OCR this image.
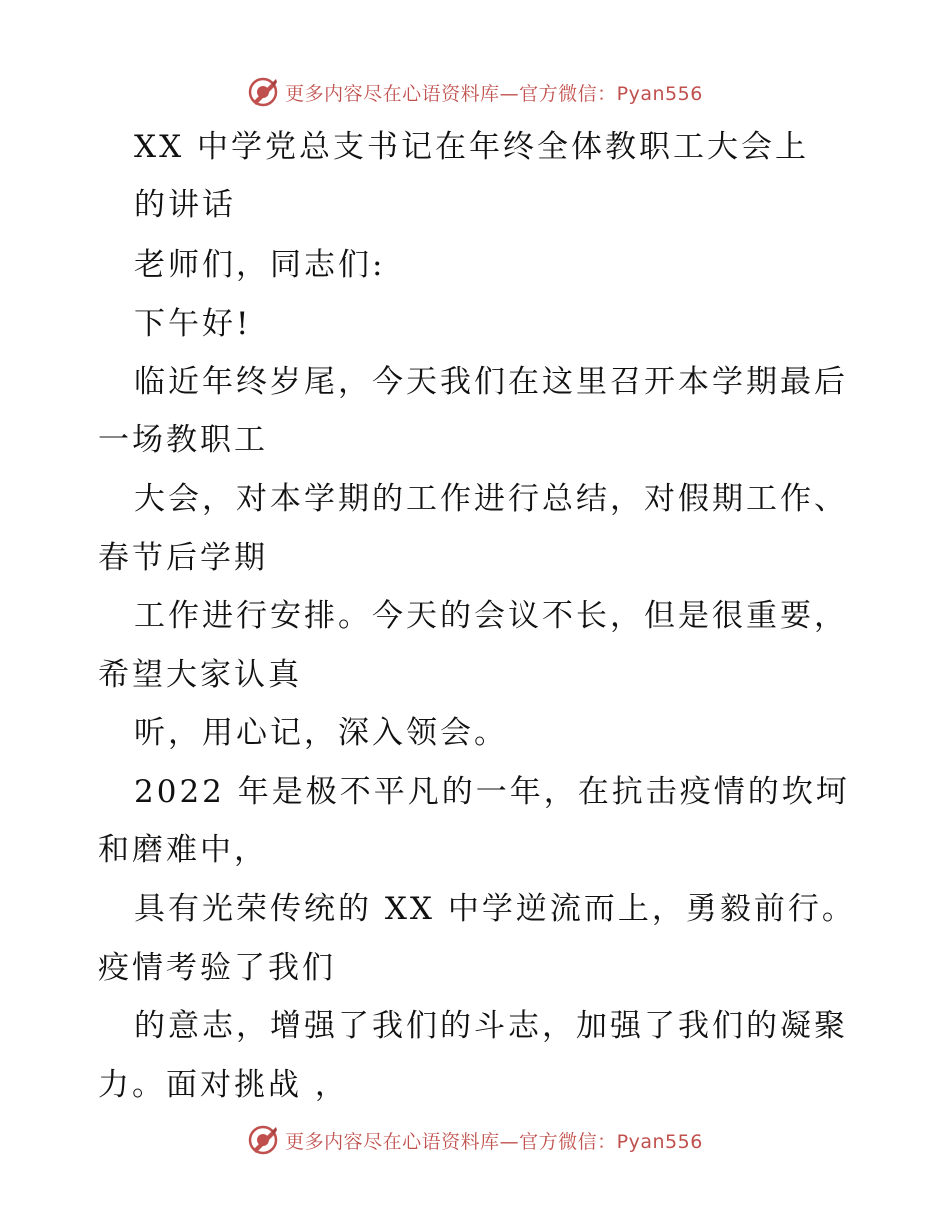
更多内容尽在心语资料库—官方微信：Pyan556
XX 中学党总支书记在年终全体教职工大会上
的讲话
老师们，同志们:
下午好!
临近年终岁尾，今天我们在这里召开本学期最后
一场教职工
大会，对本学期的工作进行总结，对假期工作、
春节后学期
工作进行安排。今天的会议不长，但是很重要，
希望大家认真
听，用心记，深入领会。
2022 年是极不平凡的一年，在抗击疫情的坎坷
和磨难中，
具有光荣传统的 XX 中学逆流而上，勇毅前行。
疫情考验了我们
的意志，增强了我们的斗志，加强了我们的凝聚
力。面对挑战 ，
更多内容尽在心语资料库—官方微信：Pyan556
